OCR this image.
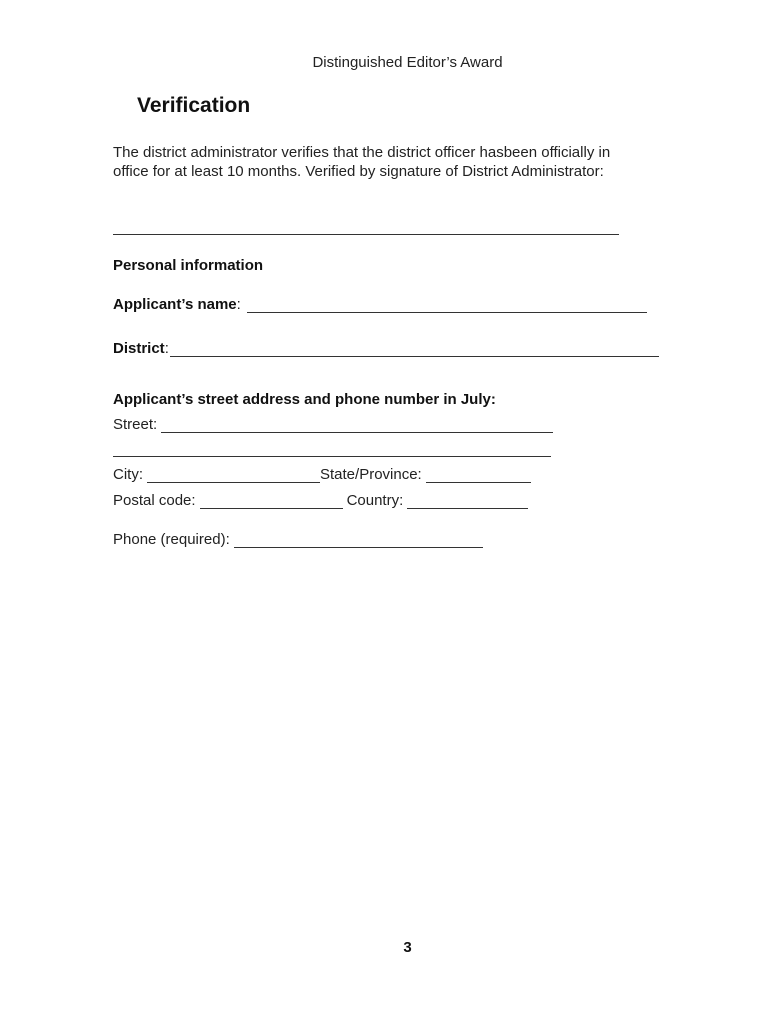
Distinguished Editor’s Award
Verification
The district administrator verifies that the district officer hasbeen officially in office for at least 10 months. Verified by signature of District Administrator:
Personal information
Applicant’s name :
District :
Applicant’s street address and phone number in July:
Street:
City:	State/Province:
Postal code:	Country:
Phone (required):
3
